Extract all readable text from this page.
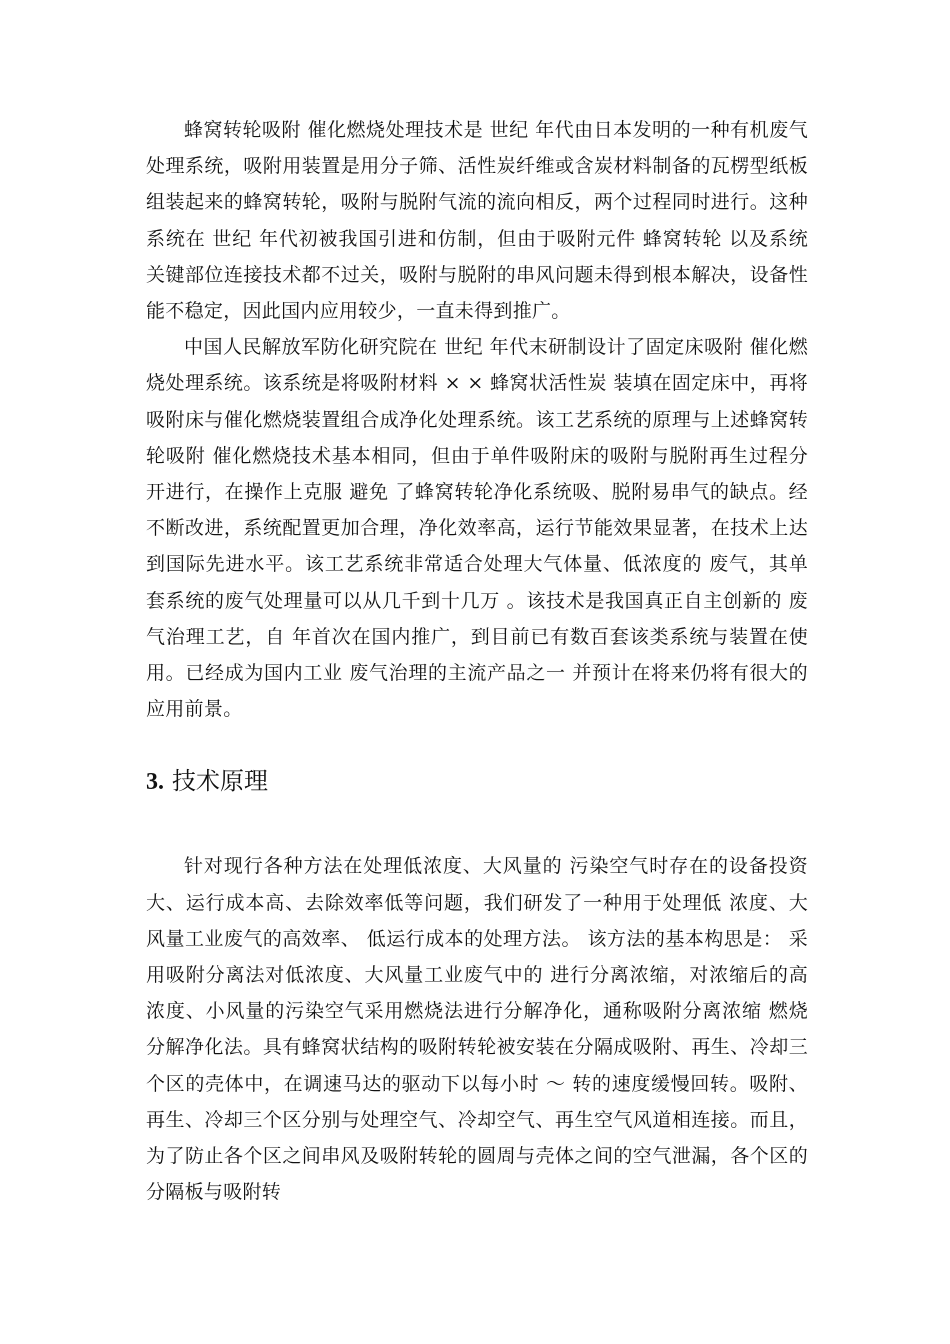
蜂窝转轮吸附 催化燃烧处理技术是 世纪 年代由日本发明的一种有机废气处理系统，吸附用装置是用分子筛、活性炭纤维或含炭材料制备的瓦楞型纸板组装起来的蜂窝转轮，吸附与脱附气流的流向相反，两个过程同时进行。这种系统在 世纪 年代初被我国引进和仿制，但由于吸附元件 蜂窝转轮 以及系统关键部位连接技术都不过关，吸附与脱附的串风问题未得到根本解决，设备性能不稳定，因此国内应用较少，一直未得到推广。

中国人民解放军防化研究院在 世纪 年代末研制设计了固定床吸附 催化燃烧处理系统。该系统是将吸附材料 × × 蜂窝状活性炭 装填在固定床中，再将吸附床与催化燃烧装置组合成净化处理系统。该工艺系统的原理与上述蜂窝转轮吸附 催化燃烧技术基本相同，但由于单件吸附床的吸附与脱附再生过程分开进行，在操作上克服 避免 了蜂窝转轮净化系统吸、脱附易串气的缺点。经不断改进，系统配置更加合理，净化效率高，运行节能效果显著，在技术上达到国际先进水平。该工艺系统非常适合处理大气体量、低浓度的 废气，其单套系统的废气处理量可以从几千到十几万 。该技术是我国真正自主创新的 废气治理工艺，自 年首次在国内推广，到目前已有数百套该类系统与装置在使用。已经成为国内工业 废气治理的主流产品之一 并预计在将来仍将有很大的应用前景。

3. 技术原理

针对现行各种方法在处理低浓度、大风量的 污染空气时存在的设备投资大、运行成本高、去除效率低等问题，我们研发了一种用于处理低 浓度、大风量工业废气的高效率、 低运行成本的处理方法。 该方法的基本构思是： 采用吸附分离法对低浓度、大风量工业废气中的 进行分离浓缩，对浓缩后的高浓度、小风量的污染空气采用燃烧法进行分解净化，通称吸附分离浓缩 燃烧分解净化法。具有蜂窝状结构的吸附转轮被安装在分隔成吸附、再生、冷却三个区的壳体中，在调速马达的驱动下以每小时 ～ 转的速度缓慢回转。吸附、再生、冷却三个区分别与处理空气、冷却空气、再生空气风道相连接。而且，为了防止各个区之间串风及吸附转轮的圆周与壳体之间的空气泄漏，各个区的分隔板与吸附转
